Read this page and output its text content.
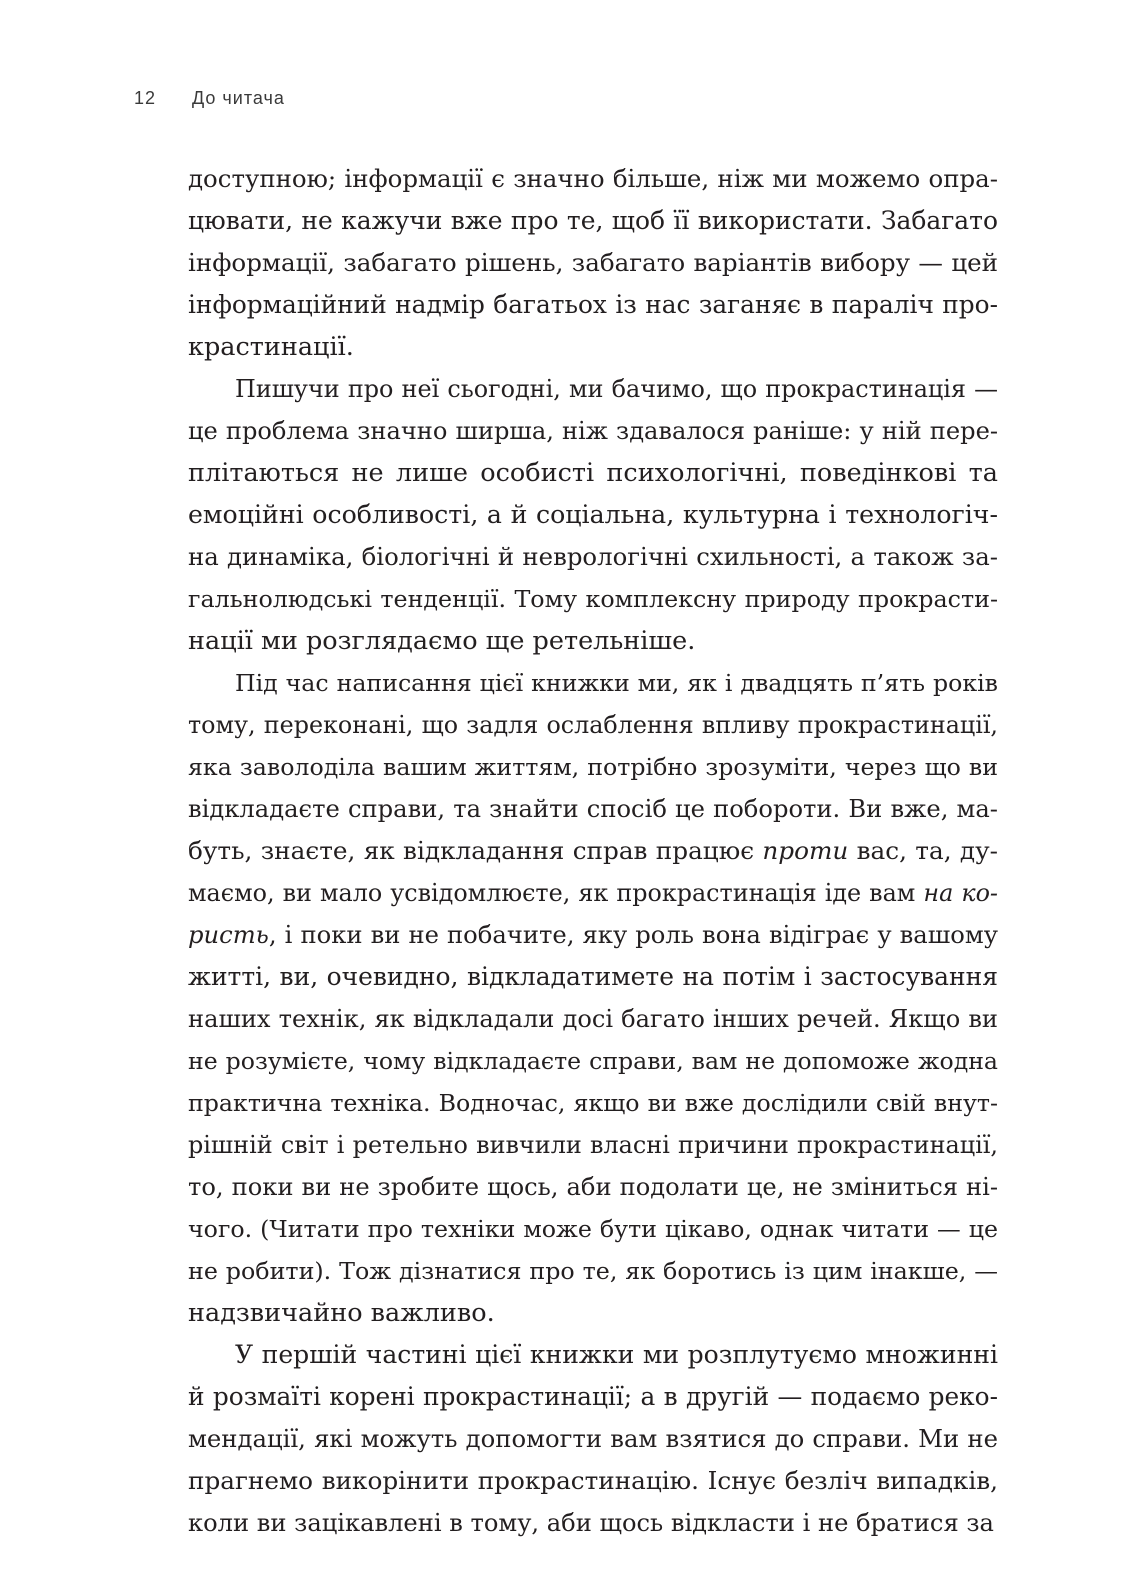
12 До читача
доступною; інформації є значно більше, ніж ми можемо опра-
цювати, не кажучи вже про те, щоб її використати. Забагато
інформації, забагато рішень, забагато варіантів вибору — цей
інформаційний надмір багатьох із нас заганяє в параліч про-
крастинації.
Пишучи про неї сьогодні, ми бачимо, що прокрастинація —
це проблема значно ширша, ніж здавалося раніше: у ній пере-
плітаються не лише особисті психологічні, поведінкові та
емоційні особливості, а й соціальна, культурна і технологіч-
на динаміка, біологічні й неврологічні схильності, а також за-
гальнолюдські тенденції. Тому комплексну природу прокрасти-
нації ми розглядаємо ще ретельніше.
Під час написання цієї книжки ми, як і двадцять п’ять років
тому, переконані, що задля ослаблення впливу прокрастинації,
яка заволоділа вашим життям, потрібно зрозуміти, через що ви
відкладаєте справи, та знайти спосіб це побороти. Ви вже, ма-
буть, знаєте, як відкладання справ працює проти вас, та, ду-
маємо, ви мало усвідомлюєте, як прокрастинація іде вам на ко-
ристь, і поки ви не побачите, яку роль вона відіграє у вашому
житті, ви, очевидно, відкладатимете на потім і застосування
наших технік, як відкладали досі багато інших речей. Якщо ви
не розумієте, чому відкладаєте справи, вам не допоможе жодна
практична техніка. Водночас, якщо ви вже дослідили свій внут-
рішній світ і ретельно вивчили власні причини прокрастинації,
то, поки ви не зробите щось, аби подолати це, не зміниться ні-
чого. (Читати про техніки може бути цікаво, однак читати — це
не робити). Тож дізнатися про те, як боротись із цим інакше, —
надзвичайно важливо.
У першій частині цієї книжки ми розплутуємо множинні
й розмаїті корені прокрастинації; а в другій — подаємо реко-
мендації, які можуть допомогти вам взятися до справи. Ми не
прагнемо викорінити прокрастинацію. Існує безліч випадків,
коли ви зацікавлені в тому, аби щось відкласти і не братися за
